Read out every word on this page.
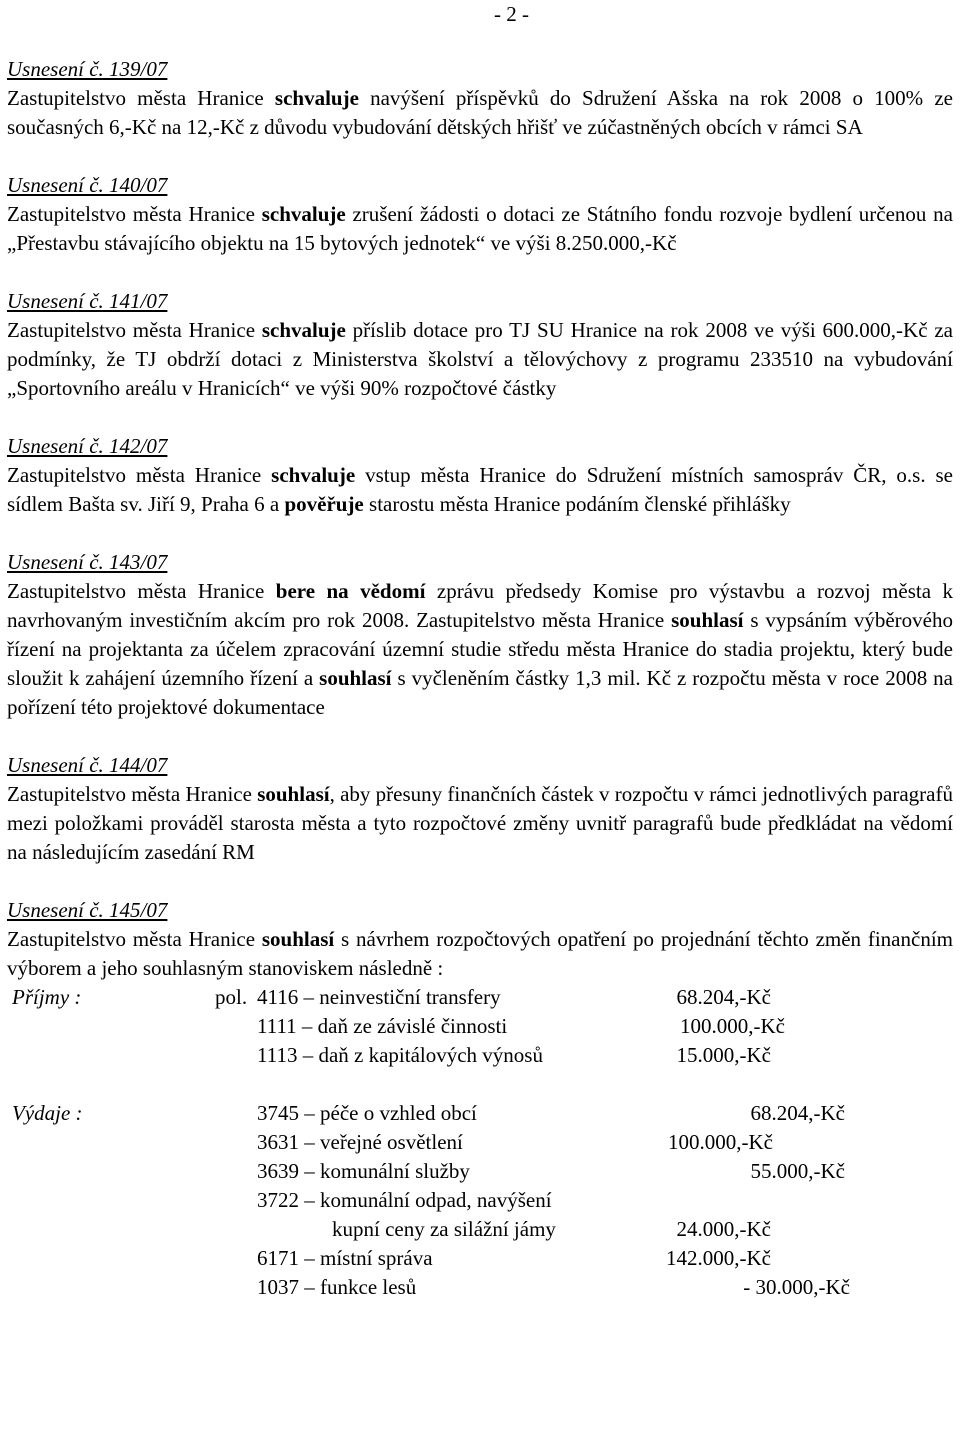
- 2 -
Usnesení č. 139/07
Zastupitelstvo města Hranice schvaluje navýšení příspěvků do Sdružení Ašska na rok 2008 o 100% ze současných 6,-Kč na 12,-Kč z důvodu vybudování dětských hřišť ve zúčastněných obcích v rámci SA
Usnesení č. 140/07
Zastupitelstvo města Hranice schvaluje zrušení žádosti o dotaci ze Státního fondu rozvoje bydlení určenou na „Přestavbu stávajícího objektu na 15 bytových jednotek“ ve výši 8.250.000,-Kč
Usnesení č. 141/07
Zastupitelstvo města Hranice schvaluje příslib dotace pro TJ SU Hranice na rok 2008 ve výši 600.000,-Kč za podmínky, že TJ obdrží dotaci z Ministerstva školství a tělovýchovy z programu 233510 na vybudování „Sportovního areálu v Hranicích“ ve výši 90% rozpočtové částky
Usnesení č. 142/07
Zastupitelstvo města Hranice schvaluje vstup města Hranice do Sdružení místních samospráv ČR, o.s. se sídlem Bašta sv. Jiří 9, Praha 6 a pověřuje starostu města Hranice podáním členské přihlášky
Usnesení č. 143/07
Zastupitelstvo města Hranice bere na vědomí zprávu předsedy Komise pro výstavbu a rozvoj města k navrhovaným investičním akcím pro rok 2008. Zastupitelstvo města Hranice souhlasí s vypsáním výběrového řízení na projektanta za účelem zpracování územní studie středu města Hranice do stadia projektu, který bude sloužit k zahájení územního řízení a souhlasí s vyčleněním částky 1,3 mil. Kč z rozpočtu města v roce 2008 na pořízení této projektové dokumentace
Usnesení č. 144/07
Zastupitelstvo města Hranice souhlasí, aby přesuny finančních částek v rozpočtu v rámci jednotlivých paragrafů mezi položkami prováděl starosta města a tyto rozpočtové změny uvnitř paragrafů bude předkládat na vědomí na následujícím zasedání RM
Usnesení č. 145/07
Zastupitelstvo města Hranice souhlasí s návrhem rozpočtových opatření po projednání těchto změn finančním výborem a jeho souhlasným stanoviskem následně :
Příjmy :	pol. 4116 – neinvestiční transfery	68.204,-Kč
1111 – daň ze závislé činnosti	100.000,-Kč
1113 – daň z kapitálových výnosů	15.000,-Kč
Výdaje :	3745 – péče o vzhled obcí	68.204,-Kč
3631 – veřejné osvětlení	100.000,-Kč
3639 – komunální služby	55.000,-Kč
3722 – komunální odpad, navýšení
kupní ceny za silážní jámy	24.000,-Kč
6171 – místní správa	142.000,-Kč
1037 – funkce lesů	- 30.000,-Kč
